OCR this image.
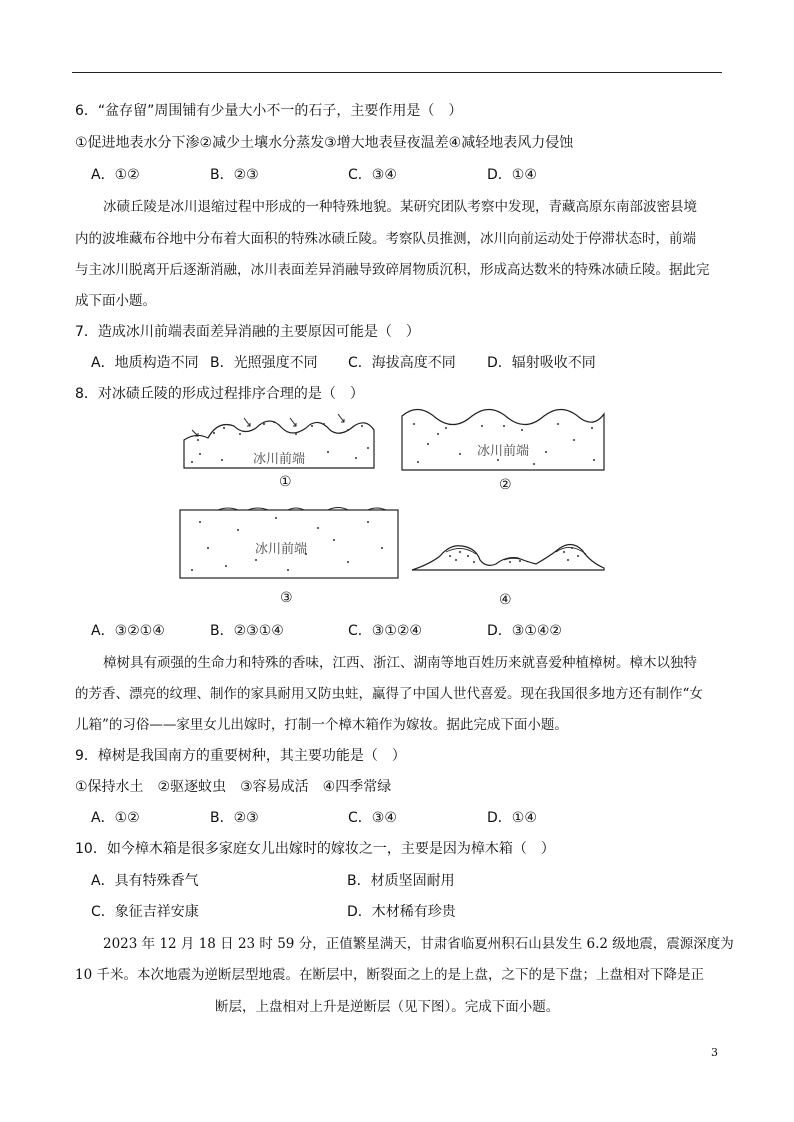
6．“盆存留”周围铺有少量大小不一的石子，主要作用是（　）
①促进地表水分下渗②减少土壤水分蒸发③增大地表昼夜温差④减轻地表风力侵蚀
A．①②	B．②③	C．③④	D．①④
冰碛丘陵是冰川退缩过程中形成的一种特殊地貌。某研究团队考察中发现，青藏高原东南部波密县境
内的波堆藏布谷地中分布着大面积的特殊冰碛丘陵。考察队员推测，冰川向前运动处于停滞状态时，前端
与主冰川脱离开后逐渐消融，冰川表面差异消融导致碎屑物质沉积，形成高达数米的特殊冰碛丘陵。据此完
成下面小题。
7．造成冰川前端表面差异消融的主要原因可能是（　）
A．地质构造不同 B．光照强度不同 C．海拔高度不同 D．辐射吸收不同
8．对冰碛丘陵的形成过程排序合理的是（　）
冰川前端
①
冰川前端
②
冰川前端
③	④
A．③②①④	B．②③①④	C．③①②④	D．③①④②
樟树具有顽强的生命力和特殊的香味，江西、浙江、湖南等地百姓历来就喜爱种植樟树。樟木以独特
的芳香、漂亮的纹理、制作的家具耐用又防虫蛀，赢得了中国人世代喜爱。现在我国很多地方还有制作“女
儿箱”的习俗——家里女儿出嫁时，打制一个樟木箱作为嫁妆。据此完成下面小题。
9．樟树是我国南方的重要树种，其主要功能是（　）
①保持水土　②驱逐蚊虫　③容易成活　④四季常绿
A．①②	B．②③	C．③④	D．①④
10．如今樟木箱是很多家庭女儿出嫁时的嫁妆之一，主要是因为樟木箱（　）
A．具有特殊香气	B．材质坚固耐用
C．象征吉祥安康	D．木材稀有珍贵
2023 年 12 月 18 日 23 时 59 分，正值繁星满天，甘肃省临夏州积石山县发生 6.2 级地震，震源深度为
10 千米。本次地震为逆断层型地震。在断层中，断裂面之上的是上盘，之下的是下盘；上盘相对下降是正
断层，上盘相对上升是逆断层（见下图）。完成下面小题。
3
